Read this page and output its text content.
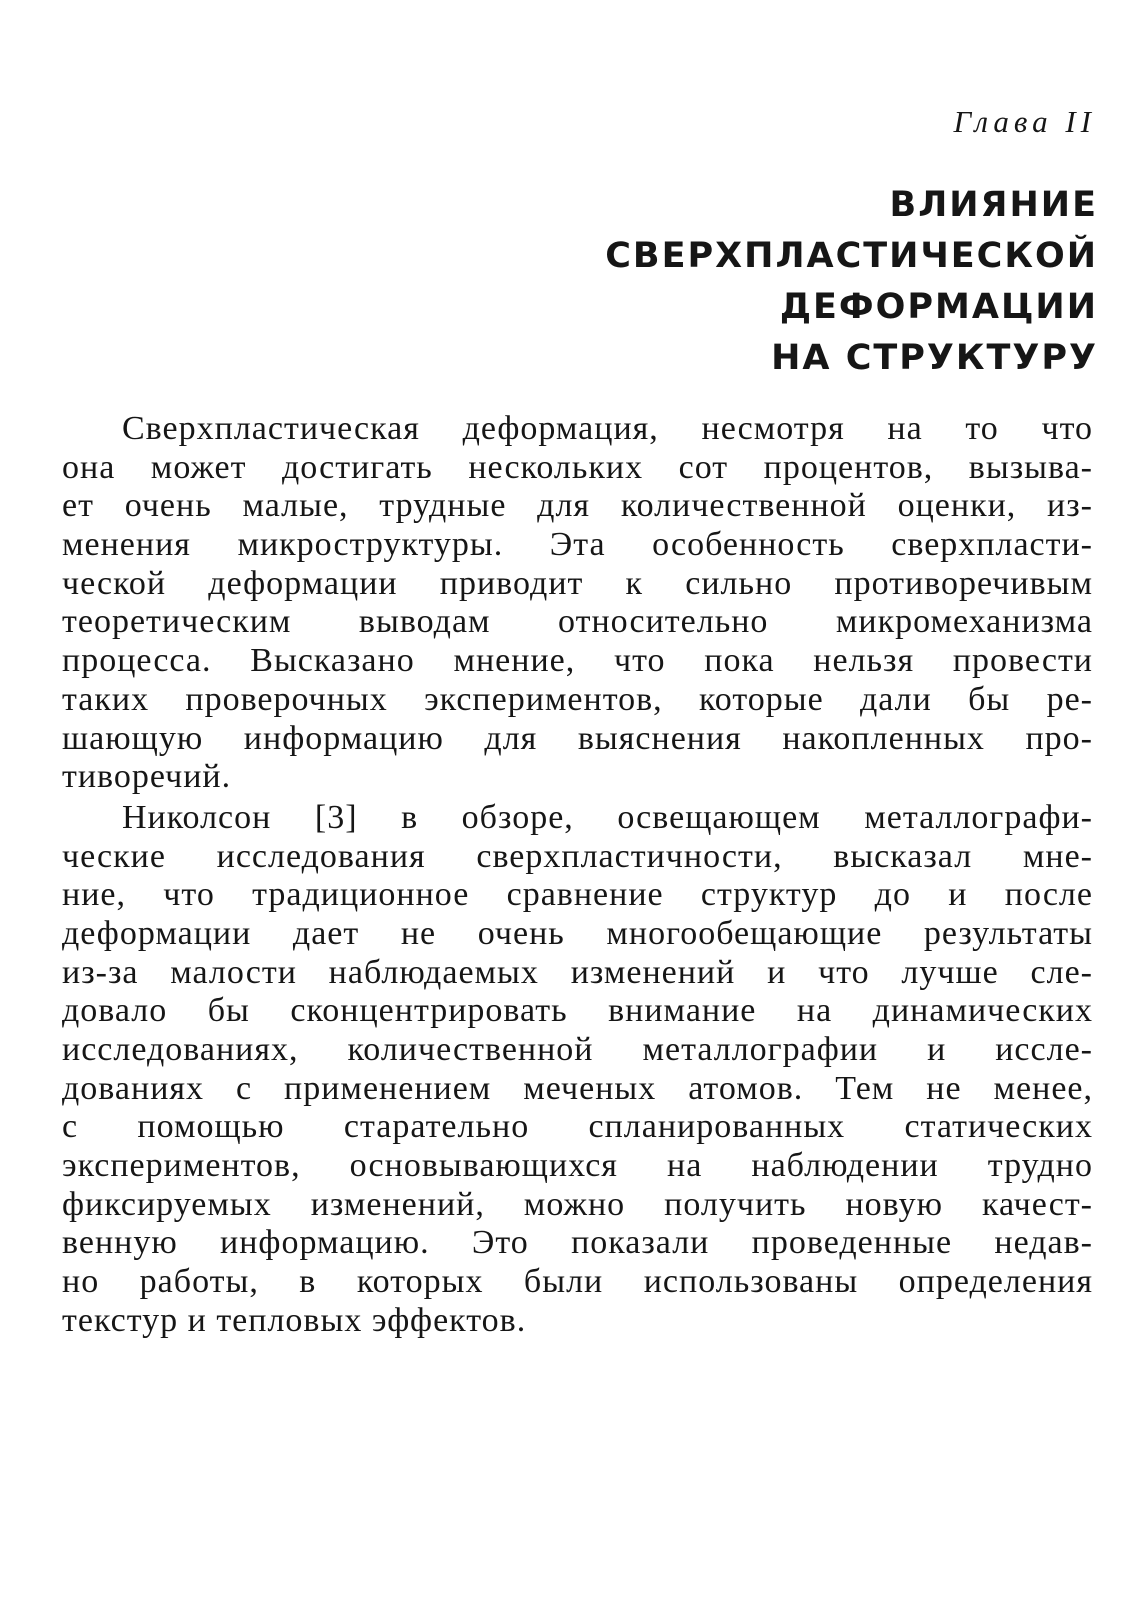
Глава II
ВЛИЯНИЕ
СВЕРХПЛАСТИЧЕСКОЙ
ДЕФОРМАЦИИ
НА СТРУКТУРУ
Сверхпластическая деформация, несмотря на то что
она может достигать нескольких сот процентов, вызыва-
ет очень малые, трудные для количественной оценки, из-
менения микроструктуры. Эта особенность сверхпласти-
ческой деформации приводит к сильно противоречивым
теоретическим выводам относительно микромеханизма
процесса. Высказано мнение, что пока нельзя провести
таких проверочных экспериментов, которые дали бы ре-
шающую информацию для выяснения накопленных про-
тиворечий.
Николсон [3] в обзоре, освещающем металлографи-
ческие исследования сверхпластичности, высказал мне-
ние, что традиционное сравнение структур до и после
деформации дает не очень многообещающие результаты
из-за малости наблюдаемых изменений и что лучше сле-
довало бы сконцентрировать внимание на динамических
исследованиях, количественной металлографии и иссле-
дованиях с применением меченых атомов. Тем не менее,
с помощью старательно спланированных статических
экспериментов, основывающихся на наблюдении трудно
фиксируемых изменений, можно получить новую качест-
венную информацию. Это показали проведенные недав-
но работы, в которых были использованы определения
текстур и тепловых эффектов.
